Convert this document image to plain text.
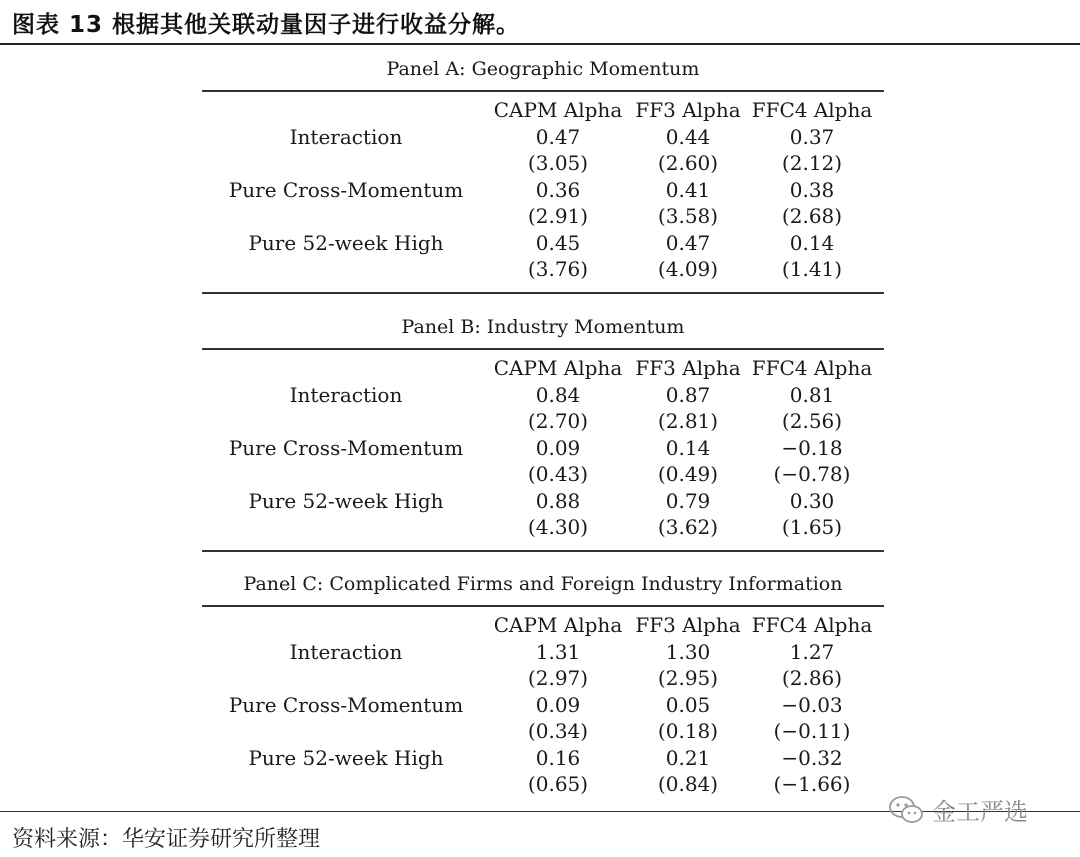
图表 13 根据其他关联动量因子进行收益分解。
Panel A: Geographic Momentum
CAPM Alpha FF3 Alpha FFC4 Alpha
Interaction	0.47	0.44	0.37
(3.05)	(2.60)	(2.12)
Pure Cross-Momentum	0.36	0.41	0.38
(2.91)	(3.58)	(2.68)
Pure 52-week High	0.45	0.47	0.14
(3.76)	(4.09)	(1.41)
Panel B: Industry Momentum
CAPM Alpha FF3 Alpha FFC4 Alpha
Interaction	0.84	0.87	0.81
(2.70)	(2.81)	(2.56)
Pure Cross-Momentum	0.09	0.14	−0.18
(0.43)	(0.49)	(−0.78)
Pure 52-week High	0.88	0.79	0.30
(4.30)	(3.62)	(1.65)
Panel C: Complicated Firms and Foreign Industry Information
CAPM Alpha FF3 Alpha FFC4 Alpha
Interaction	1.31	1.30	1.27
(2.97)	(2.95)	(2.86)
Pure Cross-Momentum	0.09	0.05	−0.03
(0.34)	(0.18)	(−0.11)
Pure 52-week High	0.16	0.21	−0.32
(0.65)	(0.84)	(−1.66)
资料来源：华安证券研究所整理
金工严选
